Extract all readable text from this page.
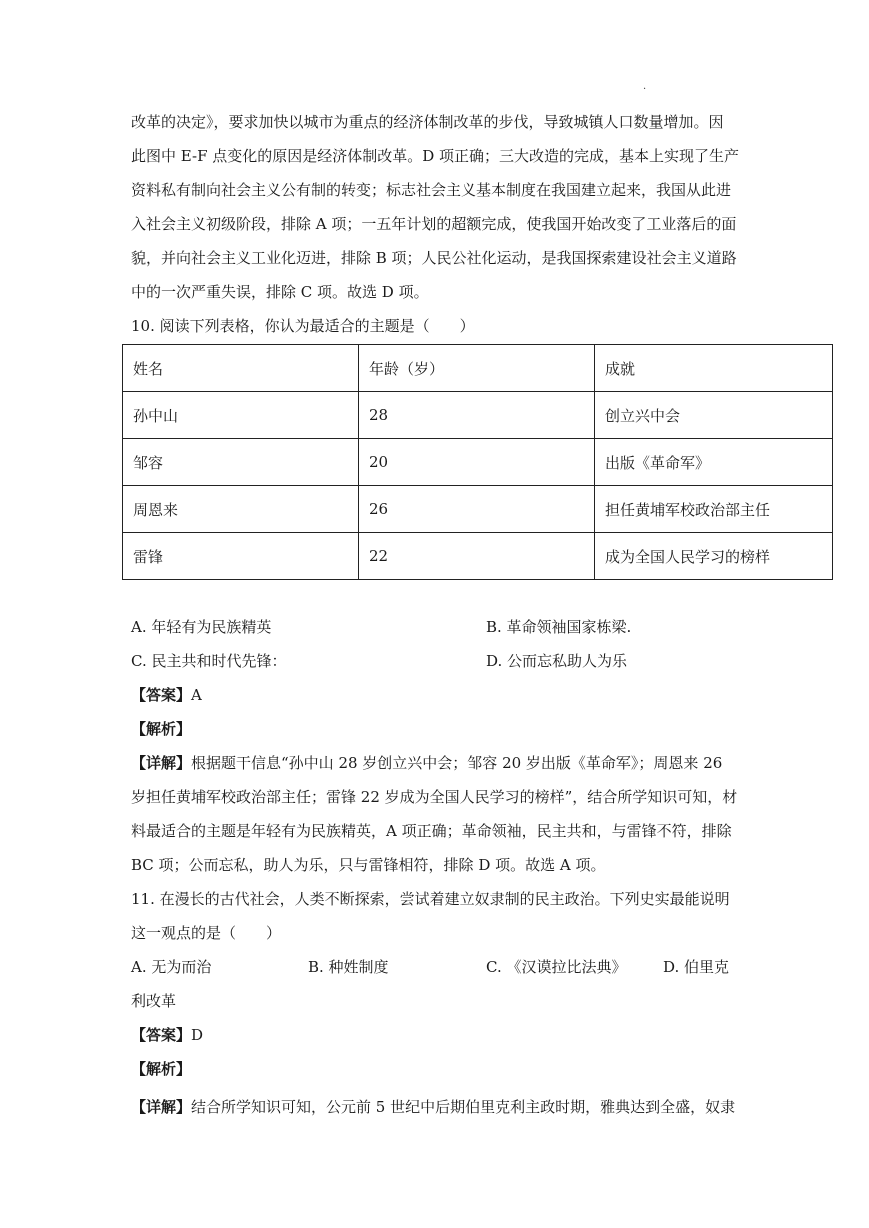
·
改革的决定》，要求加快以城市为重点的经济体制改革的步伐，导致城镇人口数量增加。因
此图中 E-F 点变化的原因是经济体制改革。D 项正确；三大改造的完成，基本上实现了生产
资料私有制向社会主义公有制的转变；标志社会主义基本制度在我国建立起来，我国从此进
入社会主义初级阶段，排除 A 项；一五年计划的超额完成，使我国开始改变了工业落后的面
貌，并向社会主义工业化迈进，排除 B 项；人民公社化运动，是我国探索建设社会主义道路
中的一次严重失误，排除 C 项。故选 D 项。
10. 阅读下列表格，你认为最适合的主题是（　　）
姓名	年龄（岁）	成就
孙中山	28	创立兴中会
邹容	20	出版《革命军》
周恩来	26	担任黄埔军校政治部主任
雷锋	22	成为全国人民学习的榜样
A. 年轻有为民族精英	B. 革命领袖国家栋梁.
C. 民主共和时代先锋：	D. 公而忘私助人为乐
【答案】A
【解析】
【详解】根据题干信息“孙中山 28 岁创立兴中会；邹容 20 岁出版《革命军》；周恩来 26
岁担任黄埔军校政治部主任；雷锋 22 岁成为全国人民学习的榜样”，结合所学知识可知，材
料最适合的主题是年轻有为民族精英，A 项正确；革命领袖，民主共和，与雷锋不符，排除
BC 项；公而忘私，助人为乐，只与雷锋相符，排除 D 项。故选 A 项。
11. 在漫长的古代社会，人类不断探索，尝试着建立奴隶制的民主政治。下列史实最能说明
这一观点的是（　　）
A. 无为而治	B. 种姓制度	C. 《汉谟拉比法典》 D. 伯里克
利改革
【答案】D
【解析】
【详解】结合所学知识可知，公元前 5 世纪中后期伯里克利主政时期，雅典达到全盛，奴隶
